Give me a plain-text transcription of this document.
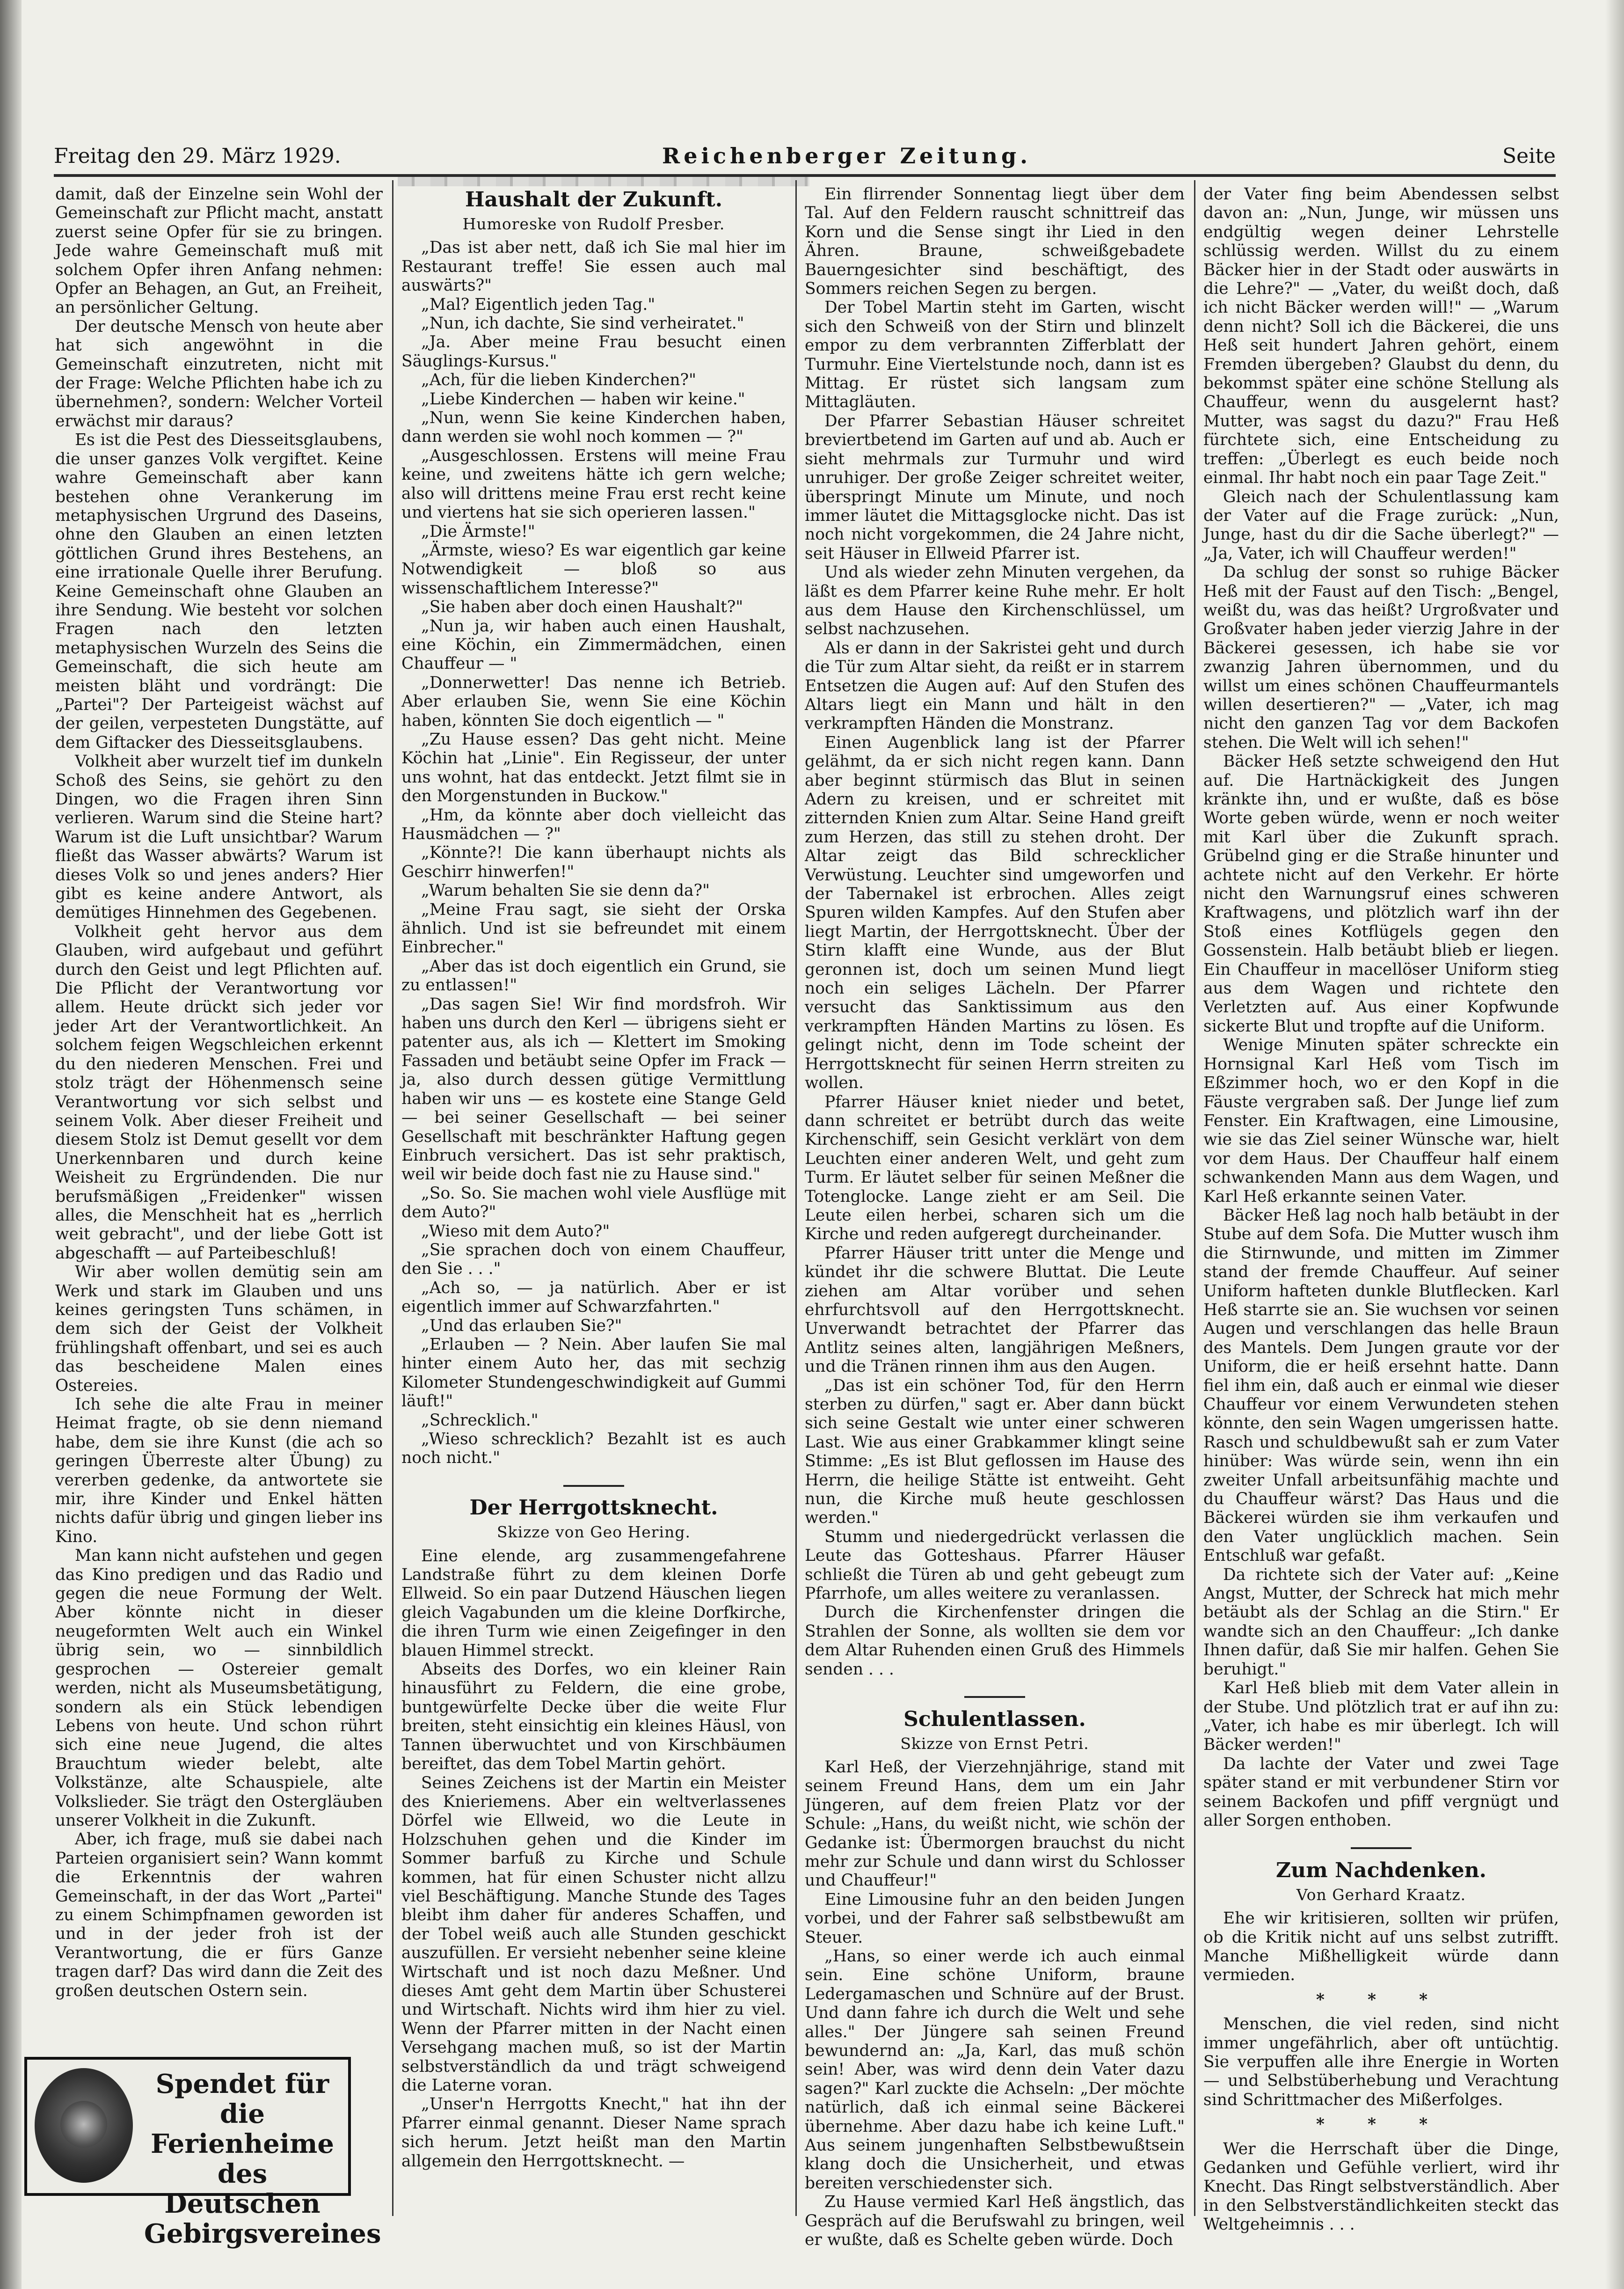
Freitag den 29. März 1929.	Reichenberger Zeitung.	Seite

damit, daß der Einzelne sein Wohl der Gemeinschaft zur Pflicht macht, anstatt zuerst seine Opfer für sie zu bringen. Jede wahre Gemeinschaft muß mit solchem Opfer ihren Anfang nehmen: Opfer an Behagen, an Gut, an Freiheit, an persönlicher Geltung.

Der deutsche Mensch von heute aber hat sich angewöhnt in die Gemeinschaft einzutreten, nicht mit der Frage: Welche Pflichten habe ich zu übernehmen?, sondern: Welcher Vorteil erwächst mir daraus?

Es ist die Pest des Diesseitsglaubens, die unser ganzes Volk vergiftet. Keine wahre Gemeinschaft aber kann bestehen ohne Verankerung im metaphysischen Urgrund des Daseins, ohne den Glauben an einen letzten göttlichen Grund ihres Bestehens, an eine irrationale Quelle ihrer Berufung. Keine Gemeinschaft ohne Glauben an ihre Sendung. Wie besteht vor solchen Fragen nach den letzten metaphysischen Wurzeln des Seins die Gemeinschaft, die sich heute am meisten bläht und vordrängt: Die „Partei"? Der Parteigeist wächst auf der geilen, verpesteten Dungstätte, auf dem Giftacker des Diesseitsglaubens.

Volkheit aber wurzelt tief im dunkeln Schoß des Seins, sie gehört zu den Dingen, wo die Fragen ihren Sinn verlieren. Warum sind die Steine hart? Warum ist die Luft unsichtbar? Warum fließt das Wasser abwärts? Warum ist dieses Volk so und jenes anders? Hier gibt es keine andere Antwort, als demütiges Hinnehmen des Gegebenen.

Volkheit geht hervor aus dem Glauben, wird aufgebaut und geführt durch den Geist und legt Pflichten auf. Die Pflicht der Verantwortung vor allem. Heute drückt sich jeder vor jeder Art der Verantwortlichkeit. An solchem feigen Wegschleichen erkennt du den niederen Menschen. Frei und stolz trägt der Höhenmensch seine Verantwortung vor sich selbst und seinem Volk. Aber dieser Freiheit und diesem Stolz ist Demut gesellt vor dem Unerkennbaren und durch keine Weisheit zu Ergründenden. Die nur berufsmäßigen „Freidenker" wissen alles, die Menschheit hat es „herrlich weit gebracht", und der liebe Gott ist abgeschafft — auf Parteibeschluß!

Wir aber wollen demütig sein am Werk und stark im Glauben und uns keines geringsten Tuns schämen, in dem sich der Geist der Volkheit frühlingshaft offenbart, und sei es auch das bescheidene Malen eines Ostereies.

Ich sehe die alte Frau in meiner Heimat fragte, ob sie denn niemand habe, dem sie ihre Kunst (die ach so geringen Überreste alter Übung) zu vererben gedenke, da antwortete sie mir, ihre Kinder und Enkel hätten nichts dafür übrig und gingen lieber ins Kino.

Man kann nicht aufstehen und gegen das Kino predigen und das Radio und gegen die neue Formung der Welt. Aber könnte nicht in dieser neugeformten Welt auch ein Winkel übrig sein, wo — sinnbildlich gesprochen — Ostereier gemalt werden, nicht als Museumsbetätigung, sondern als ein Stück lebendigen Lebens von heute. Und schon rührt sich eine neue Jugend, die altes Brauchtum wieder belebt, alte Volkstänze, alte Schauspiele, alte Volkslieder. Sie trägt den Ostergläuben unserer Volkheit in die Zukunft.

Aber, ich frage, muß sie dabei nach Parteien organisiert sein? Wann kommt die Erkenntnis der wahren Gemeinschaft, in der das Wort „Partei" zu einem Schimpfnamen geworden ist und in der jeder froh ist der Verantwortung, die er fürs Ganze tragen darf? Das wird dann die Zeit des großen deutschen Ostern sein.

Spendet für die
Ferienheime
des Deutschen
Gebirgsvereines
Haushalt der Zukunft.
Humoreske von Rudolf Presber.

„Das ist aber nett, daß ich Sie mal hier im Restaurant treffe! Sie essen auch mal auswärts?"

„Mal? Eigentlich jeden Tag."

„Nun, ich dachte, Sie sind verheiratet."

„Ja. Aber meine Frau besucht einen Säuglings-Kursus."

„Ach, für die lieben Kinderchen?"

„Liebe Kinderchen — haben wir keine."

„Nun, wenn Sie keine Kinderchen haben, dann werden sie wohl noch kommen — ?"

„Ausgeschlossen. Erstens will meine Frau keine, und zweitens hätte ich gern welche; also will drittens meine Frau erst recht keine und viertens hat sie sich operieren lassen."

„Die Ärmste!"

„Ärmste, wieso? Es war eigentlich gar keine Notwendigkeit — bloß so aus wissenschaftlichem Interesse?"

„Sie haben aber doch einen Haushalt?"

„Nun ja, wir haben auch einen Haushalt, eine Köchin, ein Zimmermädchen, einen Chauffeur — "

„Donnerwetter! Das nenne ich Betrieb. Aber erlauben Sie, wenn Sie eine Köchin haben, könnten Sie doch eigentlich — "

„Zu Hause essen? Das geht nicht. Meine Köchin hat „Linie". Ein Regisseur, der unter uns wohnt, hat das entdeckt. Jetzt filmt sie in den Morgenstunden in Buckow."

„Hm, da könnte aber doch vielleicht das Hausmädchen — ?"

„Könnte?! Die kann überhaupt nichts als Geschirr hinwerfen!"

„Warum behalten Sie sie denn da?"

„Meine Frau sagt, sie sieht der Orska ähnlich. Und ist sie befreundet mit einem Einbrecher."

„Aber das ist doch eigentlich ein Grund, sie zu entlassen!"

„Das sagen Sie! Wir find mordsfroh. Wir haben uns durch den Kerl — übrigens sieht er patenter aus, als ich — Klettert im Smoking Fassaden und betäubt seine Opfer im Frack — ja, also durch dessen gütige Vermittlung haben wir uns — es kostete eine Stange Geld — bei seiner Gesellschaft — bei seiner Gesellschaft mit beschränkter Haftung gegen Einbruch versichert. Das ist sehr praktisch, weil wir beide doch fast nie zu Hause sind."

„So. So. Sie machen wohl viele Ausflüge mit dem Auto?"

„Wieso mit dem Auto?"

„Sie sprachen doch von einem Chauffeur, den Sie . . ."

„Ach so, — ja natürlich. Aber er ist eigentlich immer auf Schwarzfahrten."

„Und das erlauben Sie?"

„Erlauben — ? Nein. Aber laufen Sie mal hinter einem Auto her, das mit sechzig Kilometer Stundengeschwindigkeit auf Gummi läuft!"

„Schrecklich."

„Wieso schrecklich? Bezahlt ist es auch noch nicht."

Der Herrgottsknecht.
Skizze von Geo Hering.

Eine elende, arg zusammengefahrene Landstraße führt zu dem kleinen Dorfe Ellweid. So ein paar Dutzend Häuschen liegen gleich Vagabunden um die kleine Dorfkirche, die ihren Turm wie einen Zeigefinger in den blauen Himmel streckt.

Abseits des Dorfes, wo ein kleiner Rain hinausführt zu Feldern, die eine grobe, buntgewürfelte Decke über die weite Flur breiten, steht einsichtig ein kleines Häusl, von Tannen überwuchtet und von Kirschbäumen bereiftet, das dem Tobel Martin gehört.

Seines Zeichens ist der Martin ein Meister des Knieriemens. Aber ein weltverlassenes Dörfel wie Ellweid, wo die Leute in Holzschuhen gehen und die Kinder im Sommer barfuß zu Kirche und Schule kommen, hat für einen Schuster nicht allzu viel Beschäftigung. Manche Stunde des Tages bleibt ihm daher für anderes Schaffen, und der Tobel weiß auch alle Stunden geschickt auszufüllen. Er versieht nebenher seine kleine Wirtschaft und ist noch dazu Meßner. Und dieses Amt geht dem Martin über Schusterei und Wirtschaft. Nichts wird ihm hier zu viel. Wenn der Pfarrer mitten in der Nacht einen Versehgang machen muß, so ist der Martin selbstverständlich da und trägt schweigend die Laterne voran.

„Unser'n Herrgotts Knecht," hat ihn der Pfarrer einmal genannt. Dieser Name sprach sich herum. Jetzt heißt man den Martin allgemein den Herrgottsknecht. —

Ein flirrender Sonnentag liegt über dem Tal. Auf den Feldern rauscht schnittreif das Korn und die Sense singt ihr Lied in den Ähren. Braune, schweißgebadete Bauerngesichter sind beschäftigt, des Sommers reichen Segen zu bergen.

Der Tobel Martin steht im Garten, wischt sich den Schweiß von der Stirn und blinzelt empor zu dem verbrannten Zifferblatt der Turmuhr. Eine Viertelstunde noch, dann ist es Mittag. Er rüstet sich langsam zum Mittagläuten.

Der Pfarrer Sebastian Häuser schreitet breviertbetend im Garten auf und ab. Auch er sieht mehrmals zur Turmuhr und wird unruhiger. Der große Zeiger schreitet weiter, überspringt Minute um Minute, und noch immer läutet die Mittagsglocke nicht. Das ist noch nicht vorgekommen, die 24 Jahre nicht, seit Häuser in Ellweid Pfarrer ist.

Und als wieder zehn Minuten vergehen, da läßt es dem Pfarrer keine Ruhe mehr. Er holt aus dem Hause den Kirchenschlüssel, um selbst nachzusehen.

Als er dann in der Sakristei geht und durch die Tür zum Altar sieht, da reißt er in starrem Entsetzen die Augen auf: Auf den Stufen des Altars liegt ein Mann und hält in den verkrampften Händen die Monstranz.

Einen Augenblick lang ist der Pfarrer gelähmt, da er sich nicht regen kann. Dann aber beginnt stürmisch das Blut in seinen Adern zu kreisen, und er schreitet mit zitternden Knien zum Altar. Seine Hand greift zum Herzen, das still zu stehen droht. Der Altar zeigt das Bild schrecklicher Verwüstung. Leuchter sind umgeworfen und der Tabernakel ist erbrochen. Alles zeigt Spuren wilden Kampfes. Auf den Stufen aber liegt Martin, der Herrgottsknecht. Über der Stirn klafft eine Wunde, aus der Blut geronnen ist, doch um seinen Mund liegt noch ein seliges Lächeln. Der Pfarrer versucht das Sanktissimum aus den verkrampften Händen Martins zu lösen. Es gelingt nicht, denn im Tode scheint der Herrgottsknecht für seinen Herrn streiten zu wollen.

Pfarrer Häuser kniet nieder und betet, dann schreitet er betrübt durch das weite Kirchenschiff, sein Gesicht verklärt von dem Leuchten einer anderen Welt, und geht zum Turm. Er läutet selber für seinen Meßner die Totenglocke. Lange zieht er am Seil. Die Leute eilen herbei, scharen sich um die Kirche und reden aufgeregt durcheinander.

Pfarrer Häuser tritt unter die Menge und kündet ihr die schwere Bluttat. Die Leute ziehen am Altar vorüber und sehen ehrfurchtsvoll auf den Herrgottsknecht. Unverwandt betrachtet der Pfarrer das Antlitz seines alten, langjährigen Meßners, und die Tränen rinnen ihm aus den Augen.

„Das ist ein schöner Tod, für den Herrn sterben zu dürfen," sagt er. Aber dann bückt sich seine Gestalt wie unter einer schweren Last. Wie aus einer Grabkammer klingt seine Stimme: „Es ist Blut geflossen im Hause des Herrn, die heilige Stätte ist entweiht. Geht nun, die Kirche muß heute geschlossen werden."

Stumm und niedergedrückt verlassen die Leute das Gotteshaus. Pfarrer Häuser schließt die Türen ab und geht gebeugt zum Pfarrhofe, um alles weitere zu veranlassen.

Durch die Kirchenfenster dringen die Strahlen der Sonne, als wollten sie dem vor dem Altar Ruhenden einen Gruß des Himmels senden . . .

Schulentlassen.
Skizze von Ernst Petri.

Karl Heß, der Vierzehnjährige, stand mit seinem Freund Hans, dem um ein Jahr Jüngeren, auf dem freien Platz vor der Schule: „Hans, du weißt nicht, wie schön der Gedanke ist: Übermorgen brauchst du nicht mehr zur Schule und dann wirst du Schlosser und Chauffeur!"

Eine Limousine fuhr an den beiden Jungen vorbei, und der Fahrer saß selbstbewußt am Steuer.

„Hans, so einer werde ich auch einmal sein. Eine schöne Uniform, braune Ledergamaschen und Schnüre auf der Brust. Und dann fahre ich durch die Welt und sehe alles." Der Jüngere sah seinen Freund bewundernd an: „Ja, Karl, das muß schön sein! Aber, was wird denn dein Vater dazu sagen?" Karl zuckte die Achseln: „Der möchte natürlich, daß ich einmal seine Bäckerei übernehme. Aber dazu habe ich keine Luft." Aus seinem jungenhaften Selbstbewußtsein klang doch die Unsicherheit, und etwas bereiten verschiedenster sich.

Zu Hause vermied Karl Heß ängstlich, das Gespräch auf die Berufswahl zu bringen, weil er wußte, daß es Schelte geben würde. Doch

der Vater fing beim Abendessen selbst davon an: „Nun, Junge, wir müssen uns endgültig wegen deiner Lehrstelle schlüssig werden. Willst du zu einem Bäcker hier in der Stadt oder auswärts in die Lehre?" — „Vater, du weißt doch, daß ich nicht Bäcker werden will!" — „Warum denn nicht? Soll ich die Bäckerei, die uns Heß seit hundert Jahren gehört, einem Fremden übergeben? Glaubst du denn, du bekommst später eine schöne Stellung als Chauffeur, wenn du ausgelernt hast? Mutter, was sagst du dazu?" Frau Heß fürchtete sich, eine Entscheidung zu treffen: „Überlegt es euch beide noch einmal. Ihr habt noch ein paar Tage Zeit."

Gleich nach der Schulentlassung kam der Vater auf die Frage zurück: „Nun, Junge, hast du dir die Sache überlegt?" — „Ja, Vater, ich will Chauffeur werden!"

Da schlug der sonst so ruhige Bäcker Heß mit der Faust auf den Tisch: „Bengel, weißt du, was das heißt? Urgroßvater und Großvater haben jeder vierzig Jahre in der Bäckerei gesessen, ich habe sie vor zwanzig Jahren übernommen, und du willst um eines schönen Chauffeurmantels willen desertieren?" — „Vater, ich mag nicht den ganzen Tag vor dem Backofen stehen. Die Welt will ich sehen!"

Bäcker Heß setzte schweigend den Hut auf. Die Hartnäckigkeit des Jungen kränkte ihn, und er wußte, daß es böse Worte geben würde, wenn er noch weiter mit Karl über die Zukunft sprach. Grübelnd ging er die Straße hinunter und achtete nicht auf den Verkehr. Er hörte nicht den Warnungsruf eines schweren Kraftwagens, und plötzlich warf ihn der Stoß eines Kotflügels gegen den Gossenstein. Halb betäubt blieb er liegen. Ein Chauffeur in macellöser Uniform stieg aus dem Wagen und richtete den Verletzten auf. Aus einer Kopfwunde sickerte Blut und tropfte auf die Uniform.

Wenige Minuten später schreckte ein Hornsignal Karl Heß vom Tisch im Eßzimmer hoch, wo er den Kopf in die Fäuste vergraben saß. Der Junge lief zum Fenster. Ein Kraftwagen, eine Limousine, wie sie das Ziel seiner Wünsche war, hielt vor dem Haus. Der Chauffeur half einem schwankenden Mann aus dem Wagen, und Karl Heß erkannte seinen Vater.

Bäcker Heß lag noch halb betäubt in der Stube auf dem Sofa. Die Mutter wusch ihm die Stirnwunde, und mitten im Zimmer stand der fremde Chauffeur. Auf seiner Uniform hafteten dunkle Blutflecken. Karl Heß starrte sie an. Sie wuchsen vor seinen Augen und verschlangen das helle Braun des Mantels. Dem Jungen graute vor der Uniform, die er heiß ersehnt hatte. Dann fiel ihm ein, daß auch er einmal wie dieser Chauffeur vor einem Verwundeten stehen könnte, den sein Wagen umgerissen hatte. Rasch und schuldbewußt sah er zum Vater hinüber: Was würde sein, wenn ihn ein zweiter Unfall arbeitsunfähig machte und du Chauffeur wärst? Das Haus und die Bäckerei würden sie ihm verkaufen und den Vater unglücklich machen. Sein Entschluß war gefaßt.

Da richtete sich der Vater auf: „Keine Angst, Mutter, der Schreck hat mich mehr betäubt als der Schlag an die Stirn." Er wandte sich an den Chauffeur: „Ich danke Ihnen dafür, daß Sie mir halfen. Gehen Sie beruhigt."

Karl Heß blieb mit dem Vater allein in der Stube. Und plötzlich trat er auf ihn zu: „Vater, ich habe es mir überlegt. Ich will Bäcker werden!"

Da lachte der Vater und zwei Tage später stand er mit verbundener Stirn vor seinem Backofen und pfiff vergnügt und aller Sorgen enthoben.

Zum Nachdenken.
Von Gerhard Kraatz.

Ehe wir kritisieren, sollten wir prüfen, ob die Kritik nicht auf uns selbst zutrifft. Manche Mißhelligkeit würde dann vermieden.

* * *

Menschen, die viel reden, sind nicht immer ungefährlich, aber oft untüchtig. Sie verpuffen alle ihre Energie in Worten — und Selbstüberhebung und Verachtung sind Schrittmacher des Mißerfolges.

* * *

Wer die Herrschaft über die Dinge, Gedanken und Gefühle verliert, wird ihr Knecht. Das Ringt selbstverständlich. Aber in den Selbstverständlichkeiten steckt das Weltgeheimnis . . .
